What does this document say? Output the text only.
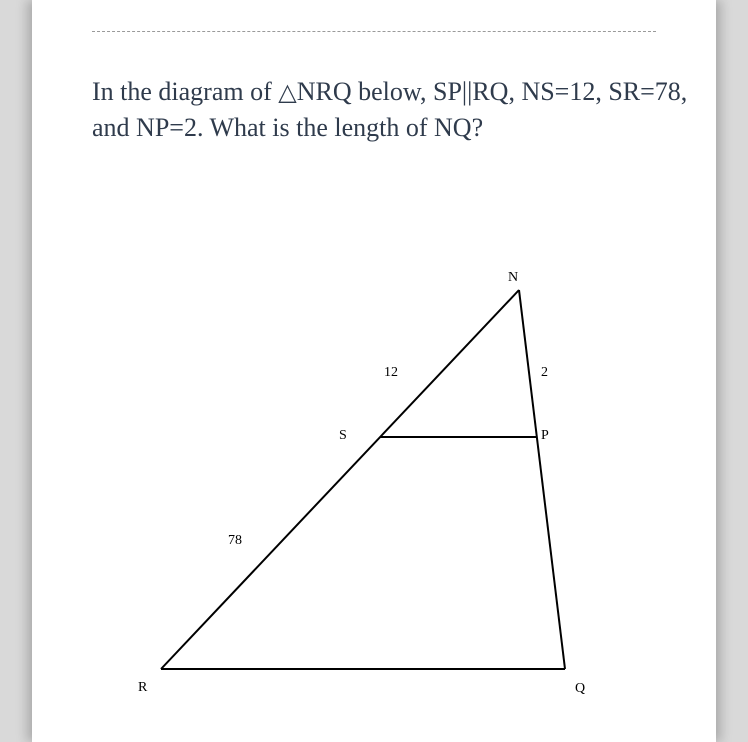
In the diagram of △NRQ below, SP||RQ, NS=12, SR=78, and NP=2. What is the length of NQ?

N
S	P
R	Q
12	2
78
